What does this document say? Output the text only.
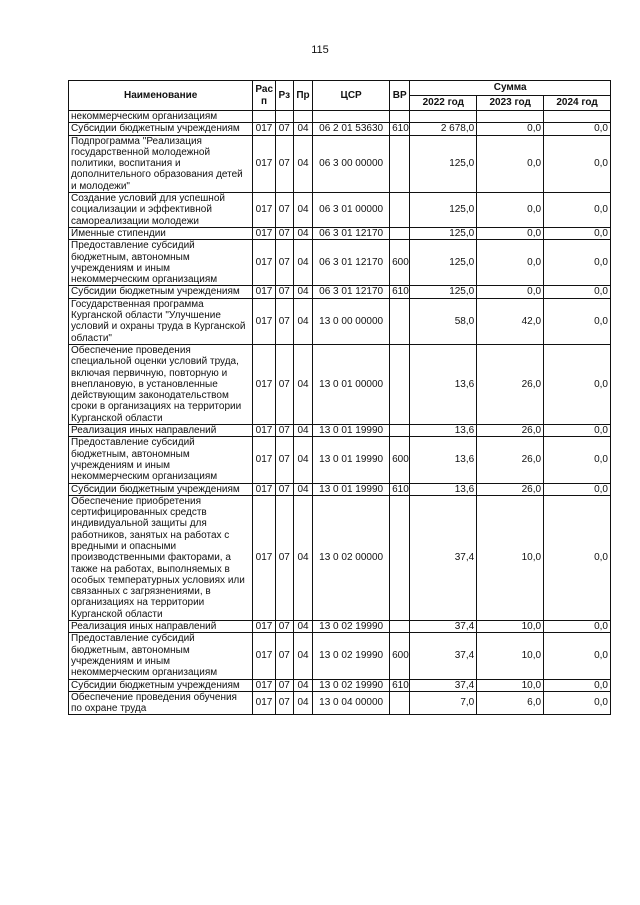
115
Наименование	Рас п	Рз	Пр	ЦСР	ВР	Сумма		
						2022 год	2023 год	2024 год
некоммерческим организациям								
Субсидии бюджетным учреждениям	017	07	04	06 2 01 53630	610	2 678,0	0,0	0,0
Подпрограмма "Реализация государственной молодежной политики, воспитания и дополнительного образования детей и молодежи"	017	07	04	06 3 00 00000		125,0	0,0	0,0
Создание условий для успешной социализации и эффективной самореализации молодежи	017	07	04	06 3 01 00000		125,0	0,0	0,0
Именные стипендии	017	07	04	06 3 01 12170		125,0	0,0	0,0
Предоставление субсидий бюджетным, автономным учреждениям и иным некоммерческим организациям	017	07	04	06 3 01 12170	600	125,0	0,0	0,0
Субсидии бюджетным учреждениям	017	07	04	06 3 01 12170	610	125,0	0,0	0,0
Государственная программа Курганской области "Улучшение условий и охраны труда в Курганской области"	017	07	04	13 0 00 00000		58,0	42,0	0,0
Обеспечение проведения специальной оценки условий труда, включая первичную, повторную и внеплановую, в установленные действующим законодательством сроки в организациях на территории Курганской области	017	07	04	13 0 01 00000		13,6	26,0	0,0
Реализация иных направлений	017	07	04	13 0 01 19990		13,6	26,0	0,0
Предоставление субсидий бюджетным, автономным учреждениям и иным некоммерческим организациям	017	07	04	13 0 01 19990	600	13,6	26,0	0,0
Субсидии бюджетным учреждениям	017	07	04	13 0 01 19990	610	13,6	26,0	0,0
Обеспечение приобретения сертифицированных средств индивидуальной защиты для работников, занятых на работах с вредными и опасными производственными факторами, а также на работах, выполняемых в особых температурных условиях или связанных с загрязнениями, в организациях на территории Курганской области	017	07	04	13 0 02 00000		37,4	10,0	0,0
Реализация иных направлений	017	07	04	13 0 02 19990		37,4	10,0	0,0
Предоставление субсидий бюджетным, автономным учреждениям и иным некоммерческим организациям	017	07	04	13 0 02 19990	600	37,4	10,0	0,0
Субсидии бюджетным учреждениям	017	07	04	13 0 02 19990	610	37,4	10,0	0,0
Обеспечение проведения обучения по охране труда	017	07	04	13 0 04 00000		7,0	6,0	0,0
